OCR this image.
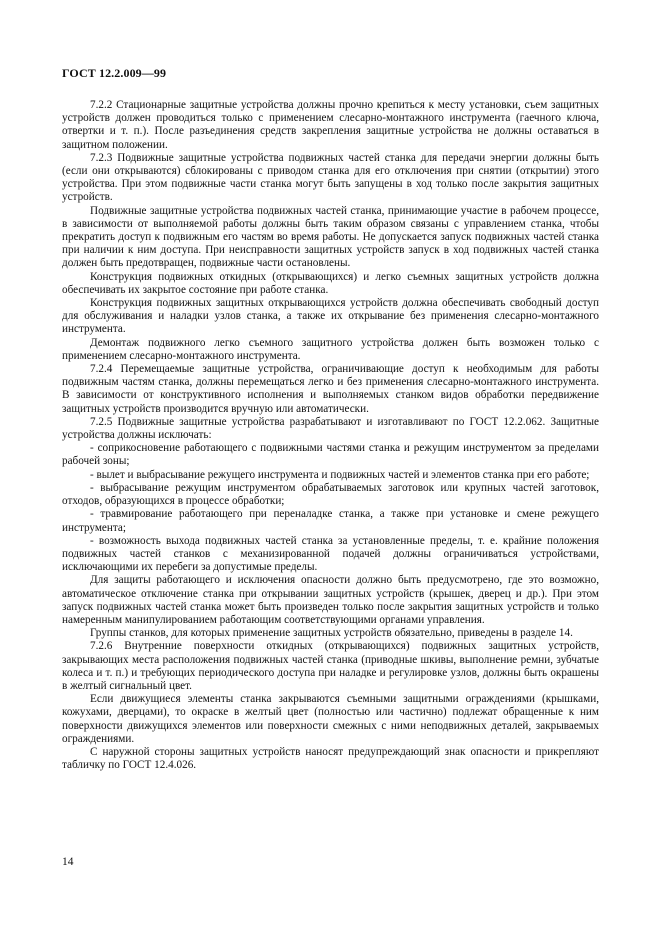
ГОСТ 12.2.009—99

7.2.2 Стационарные защитные устройства должны прочно крепиться к месту установки, съем защитных устройств должен проводиться только с применением слесарно-монтажного инструмента (гаечного ключа, отвертки и т. п.). После разъединения средств закрепления защитные устройства не должны оставаться в защитном положении.

7.2.3 Подвижные защитные устройства подвижных частей станка для передачи энергии должны быть (если они открываются) сблокированы с приводом станка для его отключения при снятии (открытии) этого устройства. При этом подвижные части станка могут быть запущены в ход только после закрытия защитных устройств.

Подвижные защитные устройства подвижных частей станка, принимающие участие в рабочем процессе, в зависимости от выполняемой работы должны быть таким образом связаны с управлением станка, чтобы прекратить доступ к подвижным его частям во время работы. Не допускается запуск подвижных частей станка при наличии к ним доступа. При неисправности защитных устройств запуск в ход подвижных частей станка должен быть предотвращен, подвижные части остановлены.

Конструкция подвижных откидных (открывающихся) и легко съемных защитных устройств должна обеспечивать их закрытое состояние при работе станка.

Конструкция подвижных защитных открывающихся устройств должна обеспечивать свободный доступ для обслуживания и наладки узлов станка, а также их открывание без применения слесарно-монтажного инструмента.

Демонтаж подвижного легко съемного защитного устройства должен быть возможен только с применением слесарно-монтажного инструмента.

7.2.4 Перемещаемые защитные устройства, ограничивающие доступ к необходимым для работы подвижным частям станка, должны перемещаться легко и без применения слесарно-монтажного инструмента. В зависимости от конструктивного исполнения и выполняемых станком видов обработки передвижение защитных устройств производится вручную или автоматически.

7.2.5 Подвижные защитные устройства разрабатывают и изготавливают по ГОСТ 12.2.062. Защитные устройства должны исключать:

- соприкосновение работающего с подвижными частями станка и режущим инструментом за пределами рабочей зоны;

- вылет и выбрасывание режущего инструмента и подвижных частей и элементов станка при его работе;

- выбрасывание режущим инструментом обрабатываемых заготовок или крупных частей заготовок, отходов, образующихся в процессе обработки;

- травмирование работающего при переналадке станка, а также при установке и смене режущего инструмента;

- возможность выхода подвижных частей станка за установленные пределы, т. е. крайние положения подвижных частей станков с механизированной подачей должны ограничиваться устройствами, исключающими их перебеги за допустимые пределы.

Для защиты работающего и исключения опасности должно быть предусмотрено, где это возможно, автоматическое отключение станка при открывании защитных устройств (крышек, дверец и др.). При этом запуск подвижных частей станка может быть произведен только после закрытия защитных устройств и только намеренным манипулированием работающим соответствующими органами управления.

Группы станков, для которых применение защитных устройств обязательно, приведены в разделе 14.

7.2.6 Внутренние поверхности откидных (открывающихся) подвижных защитных устройств, закрывающих места расположения подвижных частей станка (приводные шкивы, выполнение ремни, зубчатые колеса и т. п.) и требующих периодического доступа при наладке и регулировке узлов, должны быть окрашены в желтый сигнальный цвет.

Если движущиеся элементы станка закрываются съемными защитными ограждениями (крышками, кожухами, дверцами), то окраске в желтый цвет (полностью или частично) подлежат обращенные к ним поверхности движущихся элементов или поверхности смежных с ними неподвижных деталей, закрываемых ограждениями.

С наружной стороны защитных устройств наносят предупреждающий знак опасности и прикрепляют табличку по ГОСТ 12.4.026.

14
